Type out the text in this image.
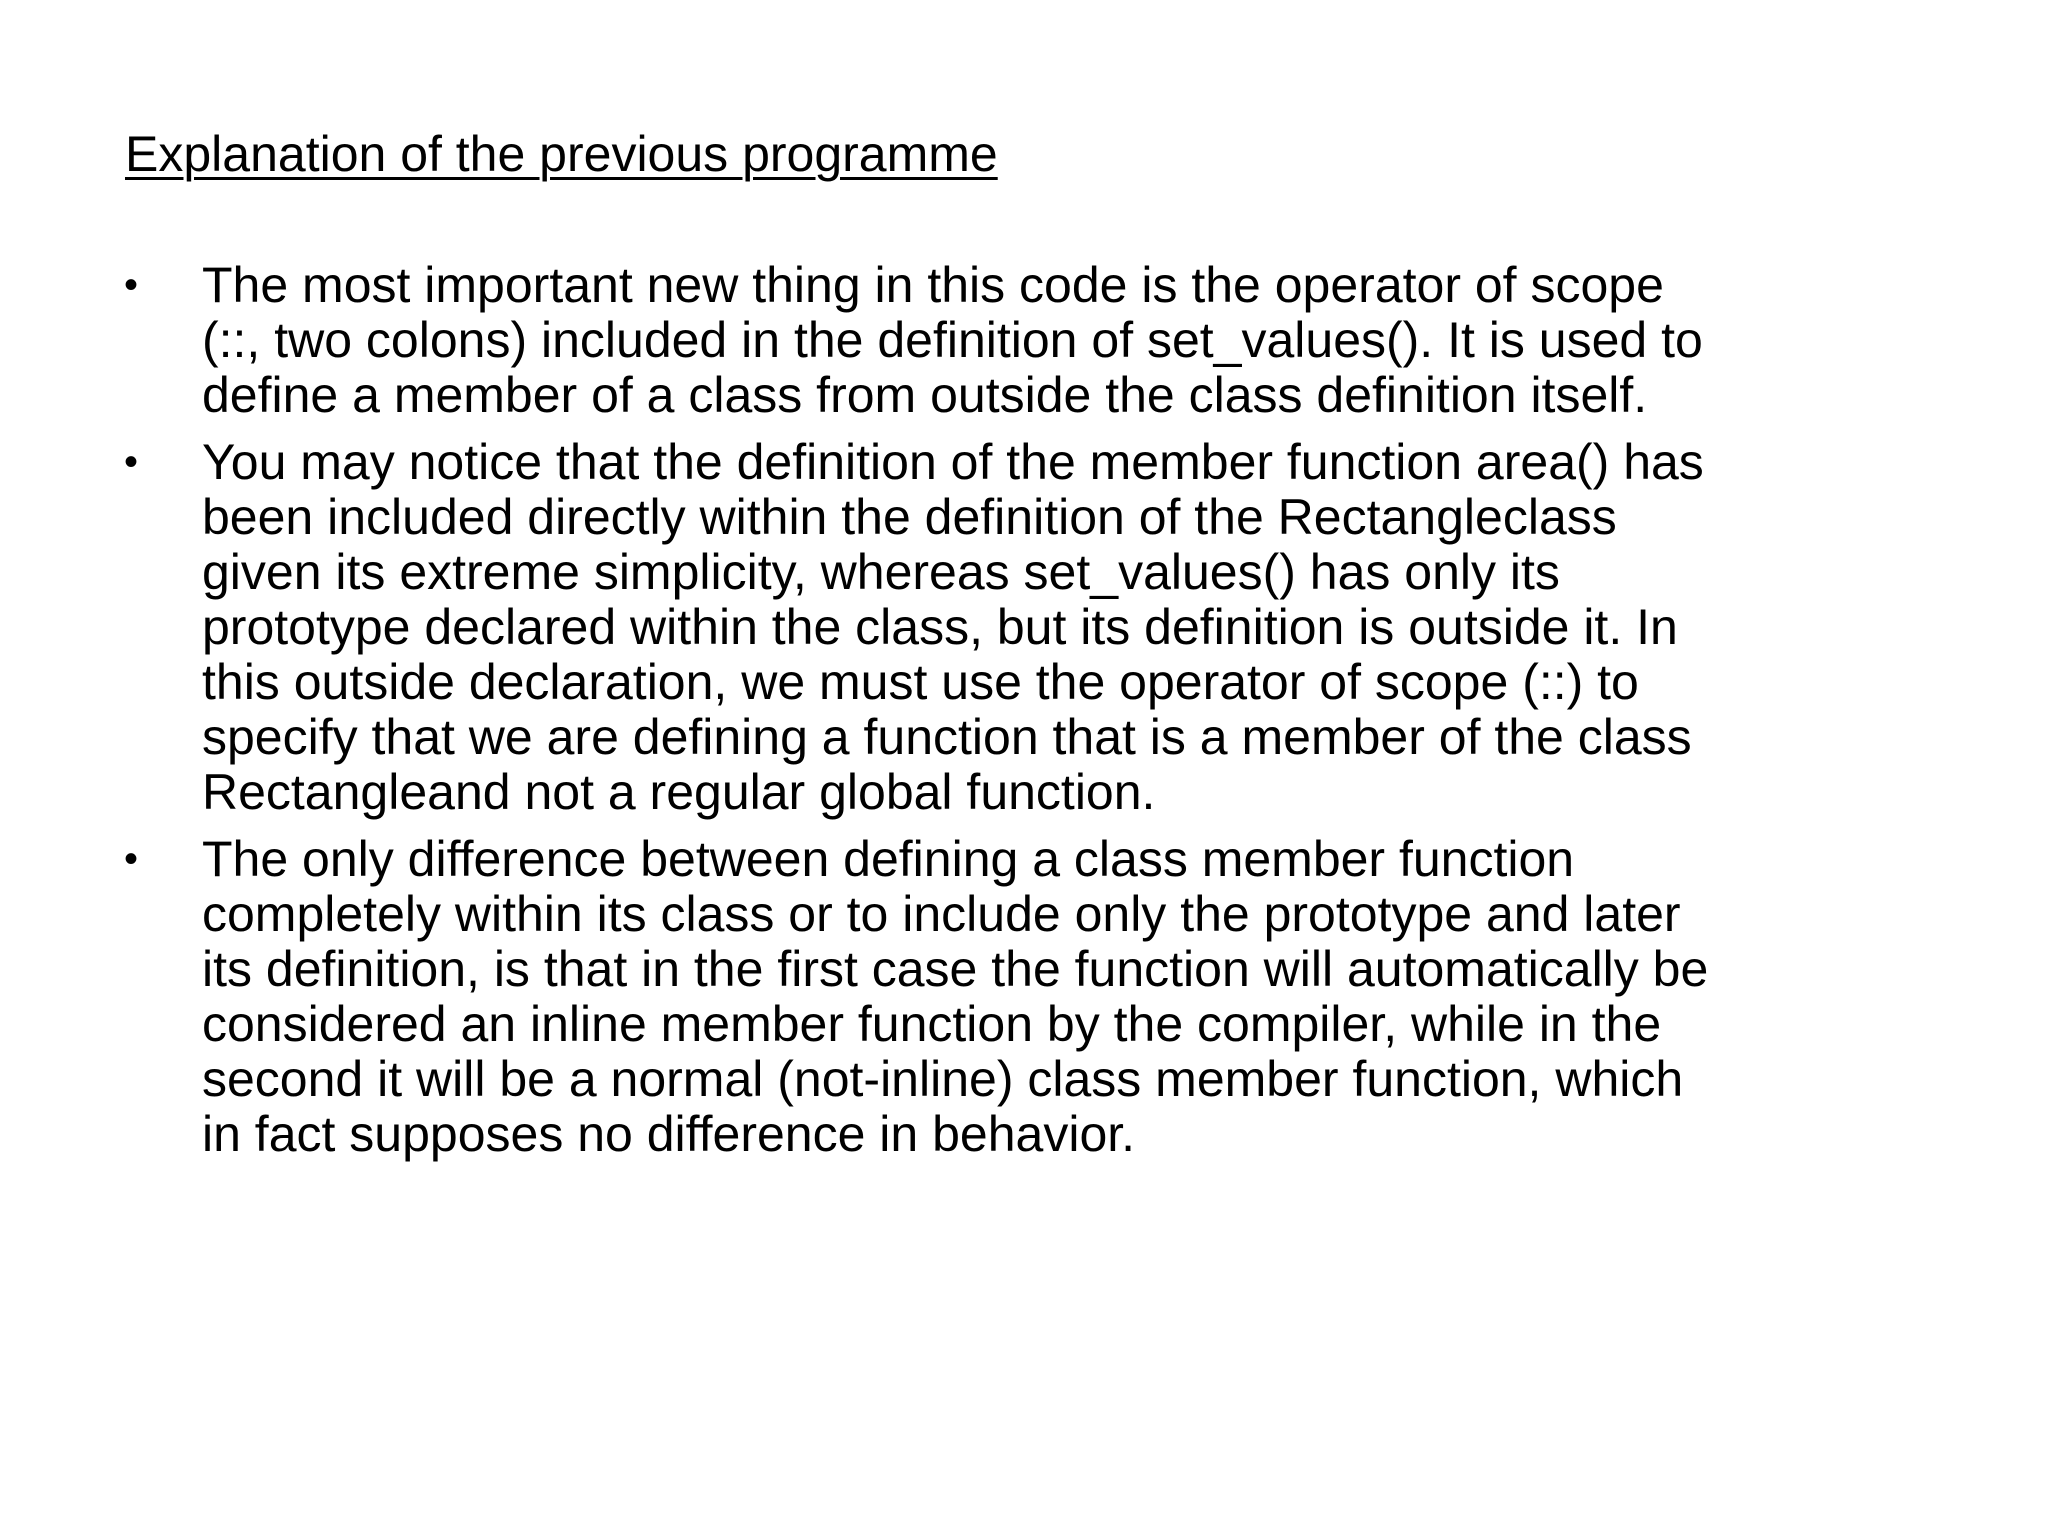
Explanation of the previous programme
• The most important new thing in this code is the operator of scope
(::, two colons) included in the definition of set_values(). It is used to
define a member of a class from outside the class definition itself.
• You may notice that the definition of the member function area() has
been included directly within the definition of the Rectangleclass
given its extreme simplicity, whereas set_values() has only its
prototype declared within the class, but its definition is outside it. In
this outside declaration, we must use the operator of scope (::) to
specify that we are defining a function that is a member of the class
Rectangleand not a regular global function.
• The only difference between defining a class member function
completely within its class or to include only the prototype and later
its definition, is that in the first case the function will automatically be
considered an inline member function by the compiler, while in the
second it will be a normal (not-inline) class member function, which
in fact supposes no difference in behavior.
